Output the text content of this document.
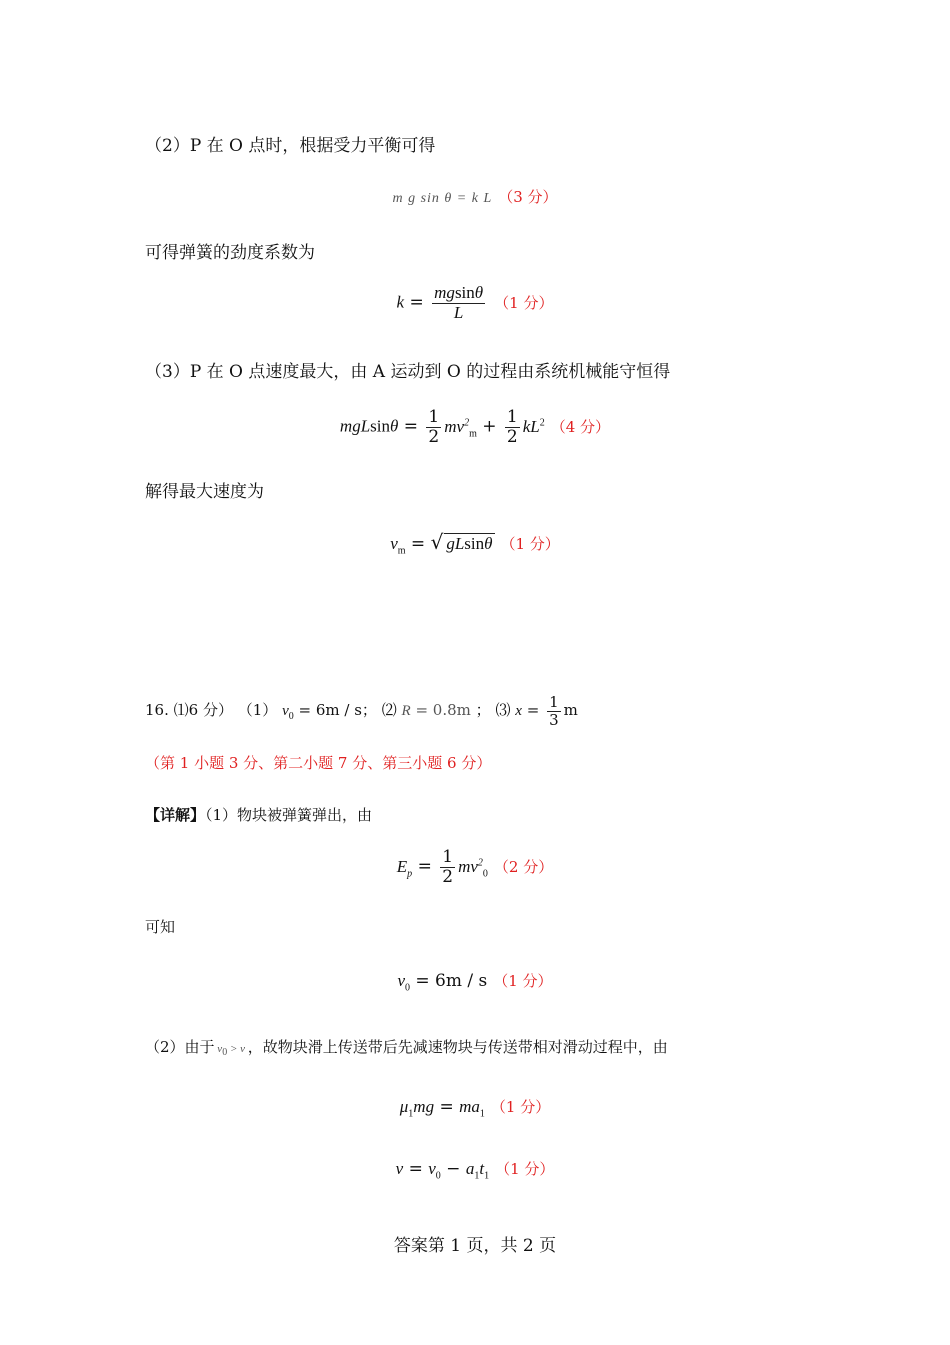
（2）P 在 O 点时，根据受力平衡可得
m g sin θ = k L （3 分）
可得弹簧的劲度系数为
$k = \frac{mgsin\theta}{L} (1$ 分）
（3）P 在 O 点速度最大，由 A 运动到 O 的过程由系统机械能守恒得
$mgLsin\theta = \frac{1}{2} mv^2_m + \frac{1}{2} kL^2$ （4 分）
解得最大速度为
$v_m$ = √ gLsinθ （1 分）
16. ⑴6 分） （1） $v_0 = 6m / s$； ⑵ R = 0.8m ； ⑶ $x = \frac{1}{3}$ m
（第 1 小题 3 分、第二小题 7 分、第三小题 6 分）
【详解】（1）物块被弹簧弹出，由
$E_p = \frac{1}{2} mv^2_0$ （2 分）
可知
$v_0 = 6m / s$ （1 分）
（2）由于 $v_0 > v$ ，故物块滑上传送带后先减速物块与传送带相对滑动过程中，由
$\mu_1mg = ma_1$ （1 分）
$v = v_0 - a_1t_1$ （1 分）
答案第 1 页，共 2 页
